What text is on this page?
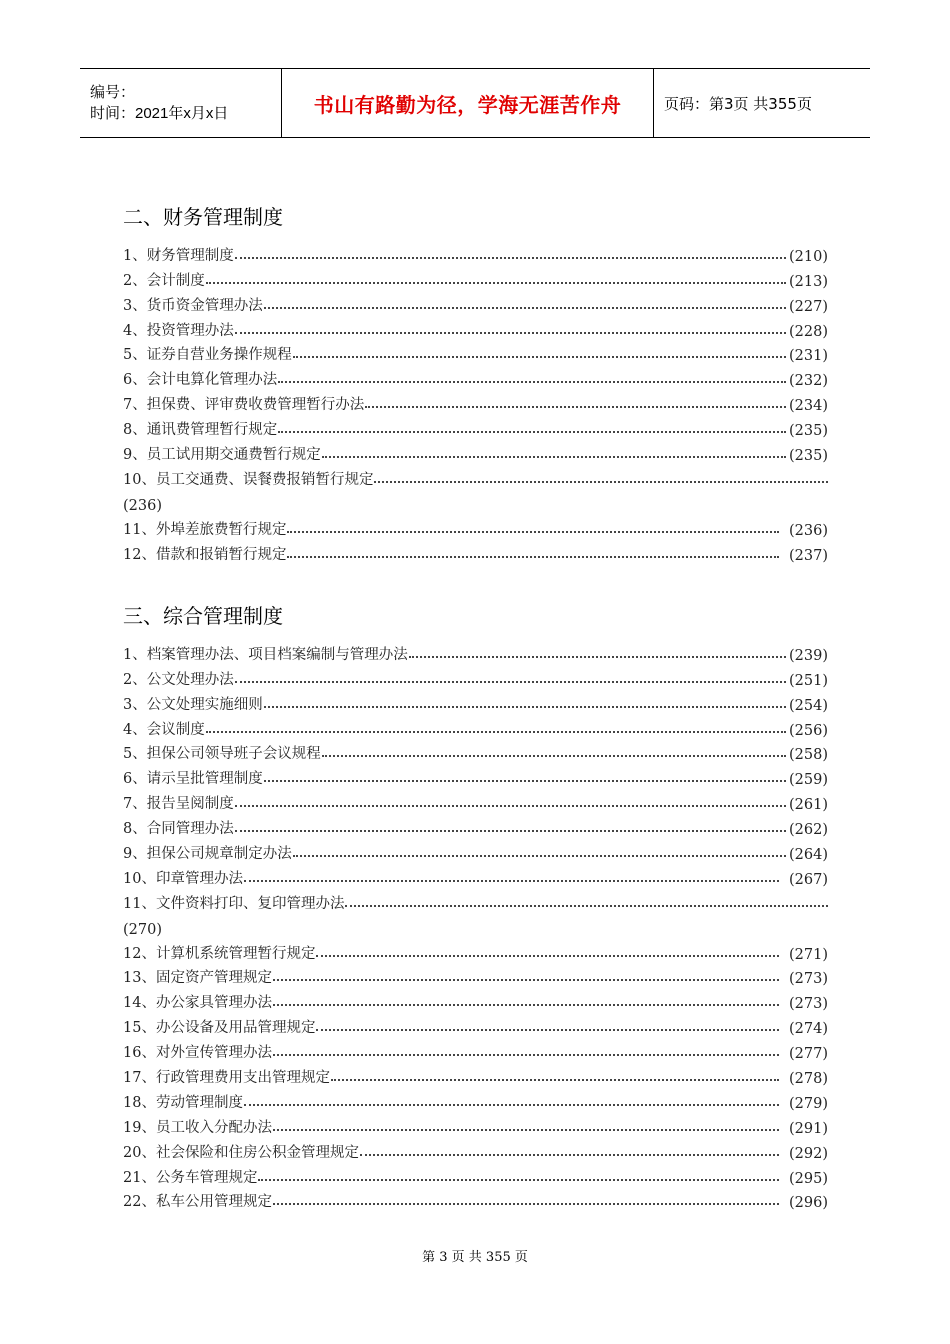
编号：
时间：2021年x月x日	书山有路勤为径，学海无涯苦作舟	页码：第3页 共355页
二、财务管理制度
1、财务管理制度	(210)
2、会计制度	(213)
3、货币资金管理办法	(227)
4、投资管理办法	(228)
5、证券自营业务操作规程	(231)
6、会计电算化管理办法	(232)
7、担保费、评审费收费管理暂行办法	(234)
8、通讯费管理暂行规定	(235)
9、员工试用期交通费暂行规定	(235)
10、员工交通费、误餐费报销暂行规定
(236)
11、外埠差旅费暂行规定	(236)
12、借款和报销暂行规定	(237)
三、综合管理制度
1、档案管理办法、项目档案编制与管理办法	(239)
2、公文处理办法	(251)
3、公文处理实施细则	(254)
4、会议制度	(256)
5、担保公司领导班子会议规程	(258)
6、请示呈批管理制度	(259)
7、报告呈阅制度	(261)
8、合同管理办法	(262)
9、担保公司规章制定办法	(264)
10、印章管理办法	(267)
11、文件资料打印、复印管理办法
(270)
12、计算机系统管理暂行规定	(271)
13、固定资产管理规定	(273)
14、办公家具管理办法	(273)
15、办公设备及用品管理规定	(274)
16、对外宣传管理办法	(277)
17、行政管理费用支出管理规定	(278)
18、劳动管理制度	(279)
19、员工收入分配办法	(291)
20、社会保险和住房公积金管理规定	(292)
21、公务车管理规定	(295)
22、私车公用管理规定	(296)
第 3 页 共 355 页
